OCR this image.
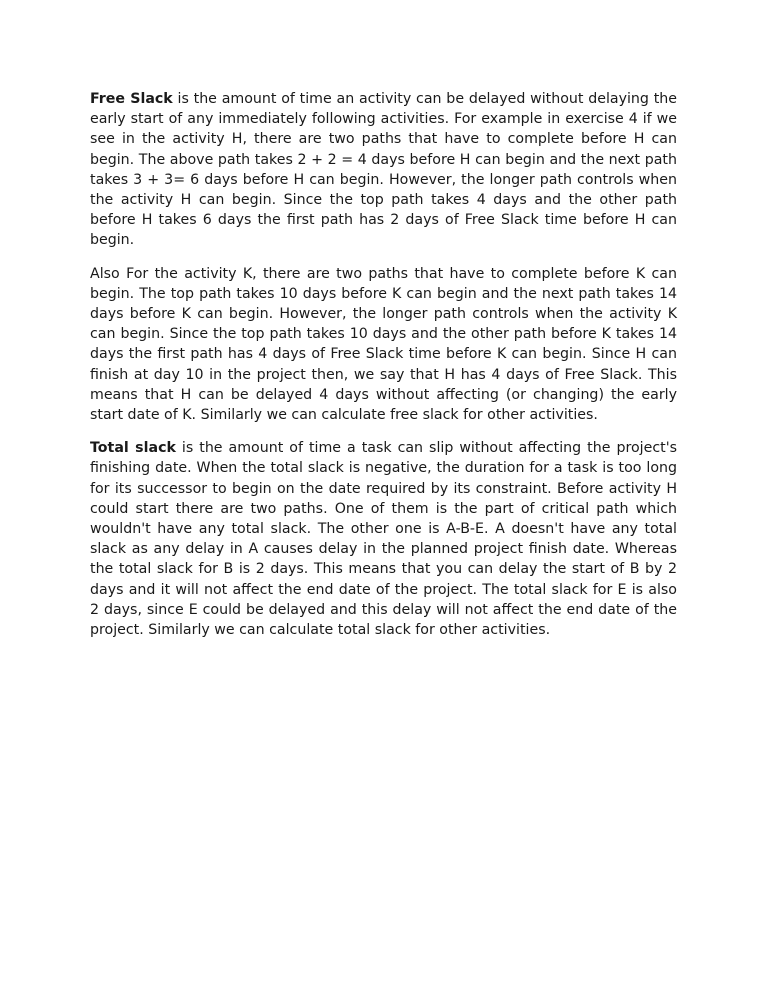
Free Slack is the amount of time an activity can be delayed without delaying the early start of any immediately following activities. For example in exercise 4 if we see in the activity H, there are two paths that have to complete before H can begin. The above path takes 2 + 2 = 4 days before H can begin and the next path takes 3 + 3= 6 days before H can begin. However, the longer path controls when the activity H can begin. Since the top path takes 4 days and the other path before H takes 6 days the first path has 2 days of Free Slack time before H can begin.

Also For the activity K, there are two paths that have to complete before K can begin. The top path takes 10 days before K can begin and the next path takes 14 days before K can begin. However, the longer path controls when the activity K can begin. Since the top path takes 10 days and the other path before K takes 14 days the first path has 4 days of Free Slack time before K can begin. Since H can finish at day 10 in the project then, we say that H has 4 days of Free Slack. This means that H can be delayed 4 days without affecting (or changing) the early start date of K. Similarly we can calculate free slack for other activities.

Total slack is the amount of time a task can slip without affecting the project's finishing date. When the total slack is negative, the duration for a task is too long for its successor to begin on the date required by its constraint. Before activity H could start there are two paths. One of them is the part of critical path which wouldn't have any total slack. The other one is A-B-E. A doesn't have any total slack as any delay in A causes delay in the planned project finish date. Whereas the total slack for B is 2 days. This means that you can delay the start of B by 2 days and it will not affect the end date of the project. The total slack for E is also 2 days, since E could be delayed and this delay will not affect the end date of the project. Similarly we can calculate total slack for other activities.
